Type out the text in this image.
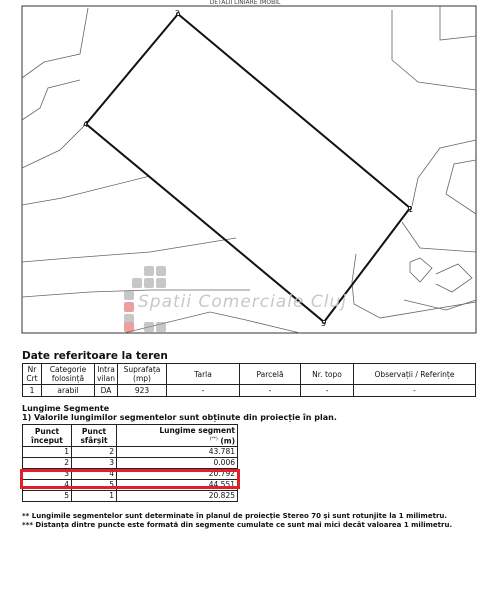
DETALII LINIARE IMOBIL
2
1
5
4
Spatii Comerciale Cluj
Date referitoare la teren
Nr Crt	Categorie folosință	Intra vilan	Suprafața (mp)	Tarla	Parcelă	Nr. topo	Observații / Referințe
1	arabil	DA	923	-	-	-	-
Lungime Segmente
1) Valorile lungimilor segmentelor sunt obținute din proiecție în plan.
Punct început	Punct sfârșit	Lungime segment
(**) (m)
1	2	43.781
2	3	0.006
3	4	20.792
4	5	44.551
5	1	20.825
** Lungimile segmentelor sunt determinate în planul de proiecție Stereo 70 și sunt rotunjite la 1 milimetru.
*** Distanța dintre puncte este formată din segmente cumulate ce sunt mai mici decât valoarea 1 milimetru.
